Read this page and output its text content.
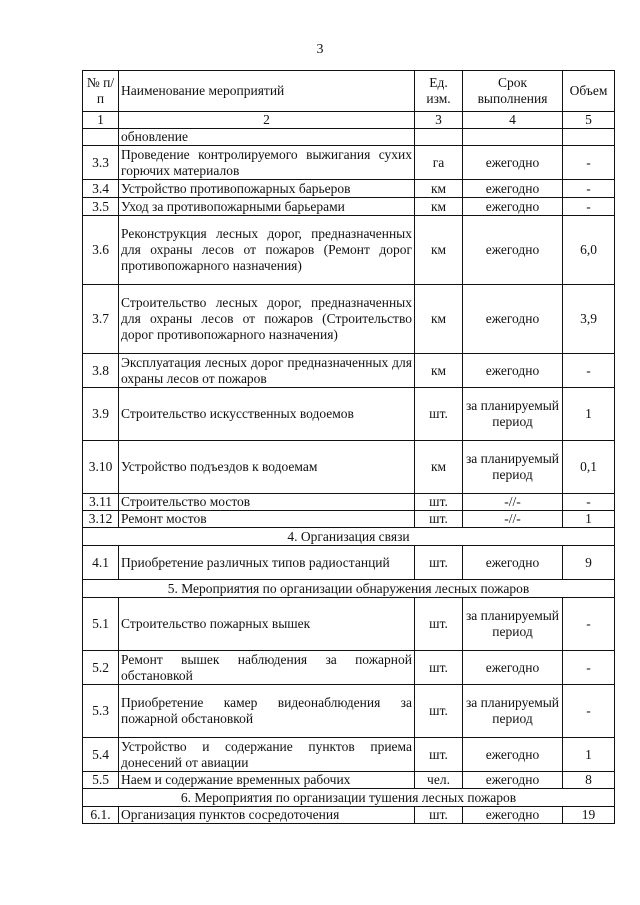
3
№ п/п	Наименование мероприятий	Ед. изм.	Срок выполнения	Объем
1	2	3	4	5
	обновление			
3.3	Проведение контролируемого выжигания сухих горючих материалов	га	ежегодно	-
3.4	Устройство противопожарных барьеров	км	ежегодно	-
3.5	Уход за противопожарными барьерами	км	ежегодно	-
3.6	Реконструкция лесных дорог, предназначенных для охраны лесов от пожаров (Ремонт дорог противопожарного назначения)	км	ежегодно	6,0
3.7	Строительство лесных дорог, предназначенных для охраны лесов от пожаров (Строительство дорог противопожарного назначения)	км	ежегодно	3,9
3.8	Эксплуатация лесных дорог предназначенных для охраны лесов от пожаров	км	ежегодно	-
3.9	Строительство искусственных водоемов	шт.	за планируемый период	1
3.10	Устройство подъездов к водоемам	км	за планируемый период	0,1
3.11	Строительство мостов	шт.	-//-	-
3.12	Ремонт мостов	шт.	-//-	1
4. Организация связи				
4.1	Приобретение различных типов радиостанций	шт.	ежегодно	9
5. Мероприятия по организации обнаружения лесных пожаров				
5.1	Строительство пожарных вышек	шт.	за планируемый период	-
5.2	Ремонт вышек наблюдения за пожарной обстановкой	шт.	ежегодно	-
5.3	Приобретение камер видеонаблюдения за пожарной обстановкой	шт.	за планируемый период	-
5.4	Устройство и содержание пунктов приема донесений от авиации	шт.	ежегодно	1
5.5	Наем и содержание временных рабочих	чел.	ежегодно	8
6. Мероприятия по организации тушения лесных пожаров				
6.1.	Организация пунктов сосредоточения	шт.	ежегодно	19
